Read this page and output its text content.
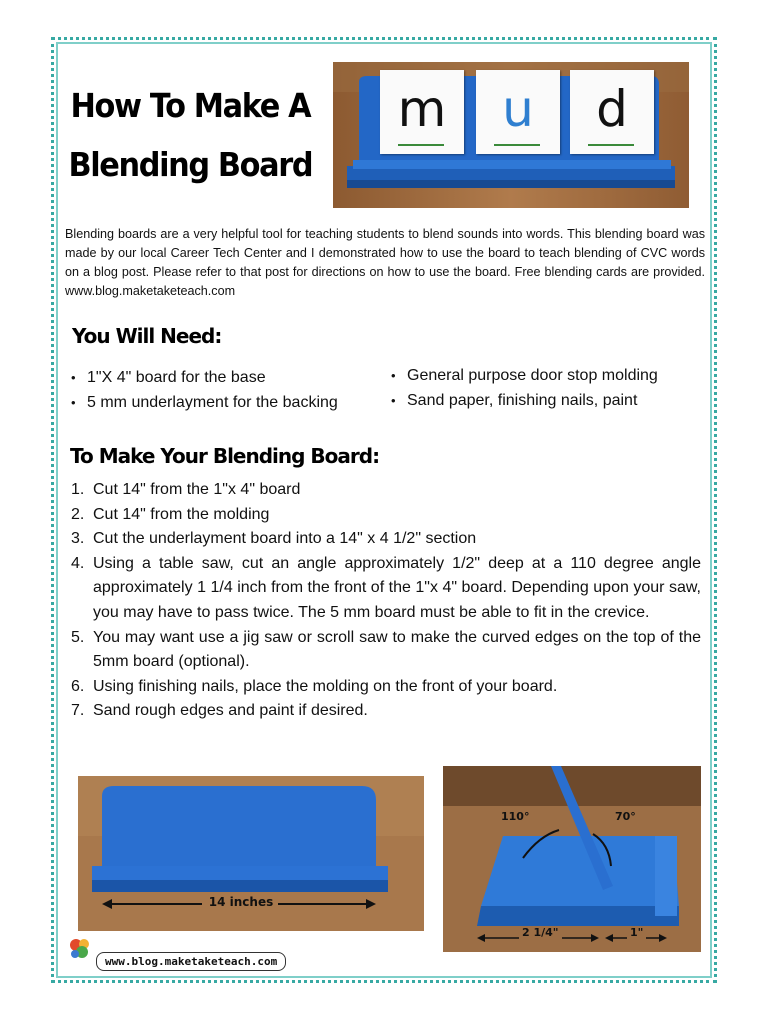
How To Make A
Blending Board
m	u	d
Blending boards are a very helpful tool for teaching students to blend sounds into words. This blending board was made by our local Career Tech Center and I demonstrated how to use the board to teach blending of CVC words on a blog post. Please refer to that post for directions on how to use the board. Free blending cards are provided. www.blog.maketaketeach.com
You Will Need:
• 1"X 4" board for the base
• 5 mm underlayment for the backing
• General purpose door stop molding
• Sand paper, finishing nails, paint
To Make Your Blending Board:
1. Cut 14" from the 1"x 4" board
2. Cut 14" from the molding
3. Cut the underlayment board into a 14" x 4 1/2" section
4. Using a table saw, cut an angle approximately 1/2" deep at a 110 degree angle approximately 1 1/4 inch from the front of the 1"x 4" board. Depending upon your saw, you may have to pass twice. The 5 mm board must be able to fit in the crevice.
5. You may want use a jig saw or scroll saw to make the curved edges on the top of the 5mm board (optional).
6. Using finishing nails, place the molding on the front of your board.
7. Sand rough edges and paint if desired.
14 inches
110°	70°
2 1/4"	1"
www.blog.maketaketeach.com
